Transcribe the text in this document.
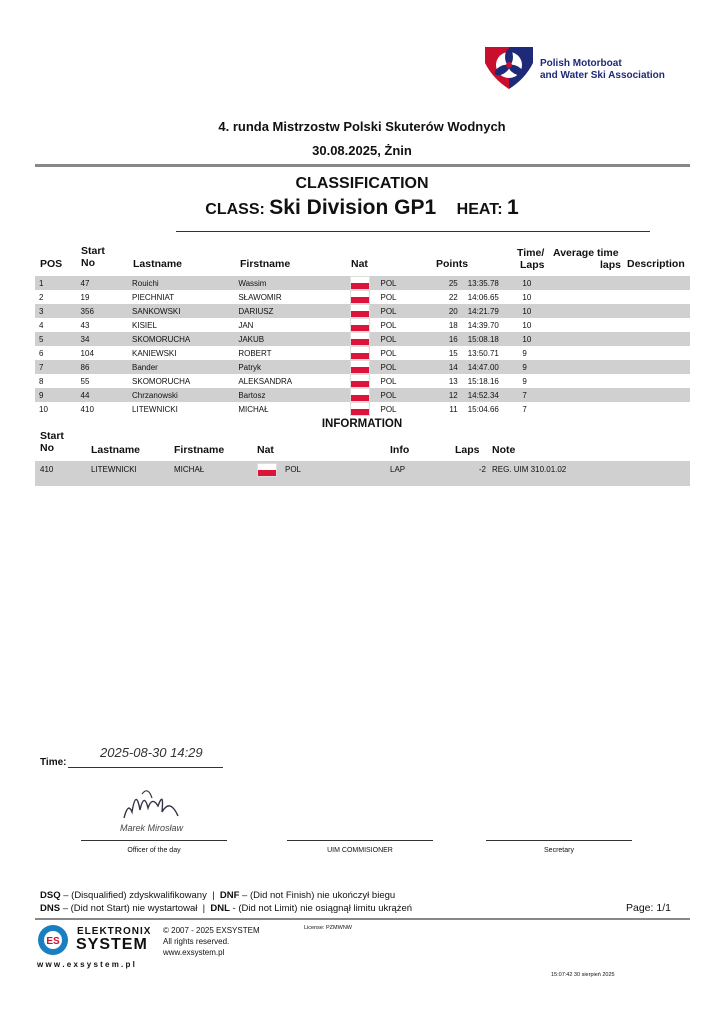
Polish Motorboat
and Water Ski Association
4. runda Mistrzostw Polski Skuterów Wodnych
30.08.2025, Żnin
CLASSIFICATION
CLASS: Ski Division GP1 HEAT: 1
POS
Start
No	Lastname	Firstname	Nat	Points
Time/
Laps
Average time
laps Description
1	47	Rouichi	Wassim		POL	25	13:35.78	10
2	19	PIECHNIAT	SŁAWOMIR		POL	22	14:06.65	10
3	356	SANKOWSKI	DARIUSZ		POL	20	14:21.79	10
4	43	KISIEL	JAN		POL	18	14:39.70	10
5	34	SKOMORUCHA	JAKUB		POL	16	15:08.18	10
6	104	KANIEWSKI	ROBERT		POL	15	13:50.71	9
7	86	Bander	Patryk		POL	14	14:47.00	9
8	55	SKOMORUCHA	ALEKSANDRA		POL	13	15:18.16	9
9	44	Chrzanowski	Bartosz		POL	12	14:52.34	7
10	410	LITEWNICKI	MICHAŁ		POL	11	15:04.66	7
INFORMATION
Start
No	Lastname	Firstname	Nat	Info	Laps Note
410	LITEWNICKI	MICHAŁ	POL	LAP	-2 REG. UIM 310.01.02
2025-08-30 14:29
Time:
Marek Mirosław
Officer of the day	UIM COMMISIONER	Secretary
DSQ – (Disqualified) zdyskwalifikowany | DNF – (Did not Finish) nie ukończył biegu
DNS – (Did not Start) nie wystartował | DNL - (Did not Limit) nie osiągnął limitu ukrążeń	Page: 1/1
ES
ELEKTRONIX
SYSTEM
w w w . e x s y s t e m . p l
© 2007 - 2025 EXSYSTEM
All rights reserved.
www.exsystem.pl
License: PZMWNW
15:07:42 30 sierpień 2025
